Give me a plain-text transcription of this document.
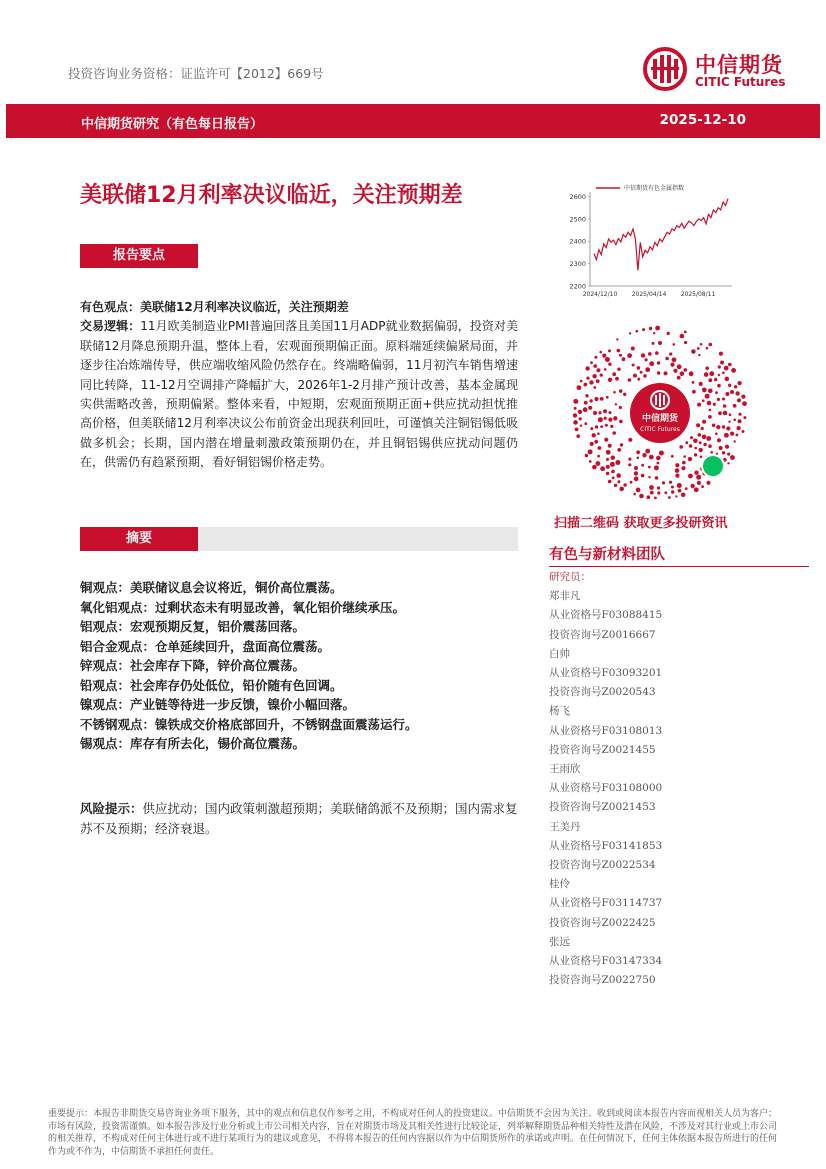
投资咨询业务资格：证监许可【2012】669号	中信期货
CITIC Futures
中信期货研究（有色每日报告）	2025-12-10
美联储12月利率决议临近，关注预期差
报告要点
有色观点：美联储12月利率决议临近，关注预期差
交易逻辑：11月欧美制造业PMI普遍回落且美国11月ADP就业数据偏弱，投资对美联储12月降息预期升温，整体上看，宏观面预期偏正面。原料端延续偏紧局面，并逐步往冶炼端传导，供应端收缩风险仍然存在。终端略偏弱，11月初汽车销售增速同比转降，11-12月空调排产降幅扩大，2026年1-2月排产预计改善，基本金属现实供需略改善，预期偏紧。整体来看，中短期，宏观面预期正面+供应扰动担忧推高价格，但美联储12月利率决议公布前资金出现获利回吐，可谨慎关注铜铝锡低吸做多机会；长期，国内潜在增量刺激政策预期仍在，并且铜铝锡供应扰动问题仍在，供需仍有趋紧预期，看好铜铝锡价格走势。
摘要
铜观点：美联储议息会议将近，铜价高位震荡。
氧化铝观点：过剩状态未有明显改善，氧化铝价继续承压。
铝观点：宏观预期反复，铝价震荡回落。
铝合金观点：仓单延续回升，盘面高位震荡。
锌观点：社会库存下降，锌价高位震荡。
铅观点：社会库存仍处低位，铅价随有色回调。
镍观点：产业链等待进一步反馈，镍价小幅回落。
不锈钢观点：镍铁成交价格底部回升，不锈钢盘面震荡运行。
锡观点：库存有所去化，锡价高位震荡。
风险提示：供应扰动；国内政策刺激超预期；美联储鸽派不及预期；国内需求复苏不及预期；经济衰退。
2200
2300
2400
2500
2600
2024/12/10 2025/04/14 2025/08/11
中信期货有色金属指数
中信期货
CITIC Futures
扫描二维码 获取更多投研资讯
有色与新材料团队
研究员：
郑非凡
从业资格号F03088415
投资咨询号Z0016667
白帅
从业资格号F03093201
投资咨询号Z0020543
杨飞
从业资格号F03108013
投资咨询号Z0021455
王雨欣
从业资格号F03108000
投资咨询号Z0021453
王美丹
从业资格号F03141853
投资咨询号Z0022534
桂伶
从业资格号F03114737
投资咨询号Z0022425
张远
从业资格号F03147334
投资咨询号Z0022750
重要提示：本报告非期货交易咨询业务项下服务，其中的观点和信息仅作参考之用，不构成对任何人的投资建议。中信期货不会因为关注、收到或阅读本报告内容而视相关人员为客户；市场有风险，投资需谨慎。如本报告涉及行业分析或上市公司相关内容，旨在对期货市场及其相关性进行比较论证，列举解释期货品种相关特性及潜在风险，不涉及对其行业或上市公司的相关推荐，不构成对任何主体进行或不进行某项行为的建议或意见，不得将本报告的任何内容据以作为中信期货所作的承诺或声明。在任何情况下，任何主体依据本报告所进行的任何作为或不作为，中信期货不承担任何责任。
